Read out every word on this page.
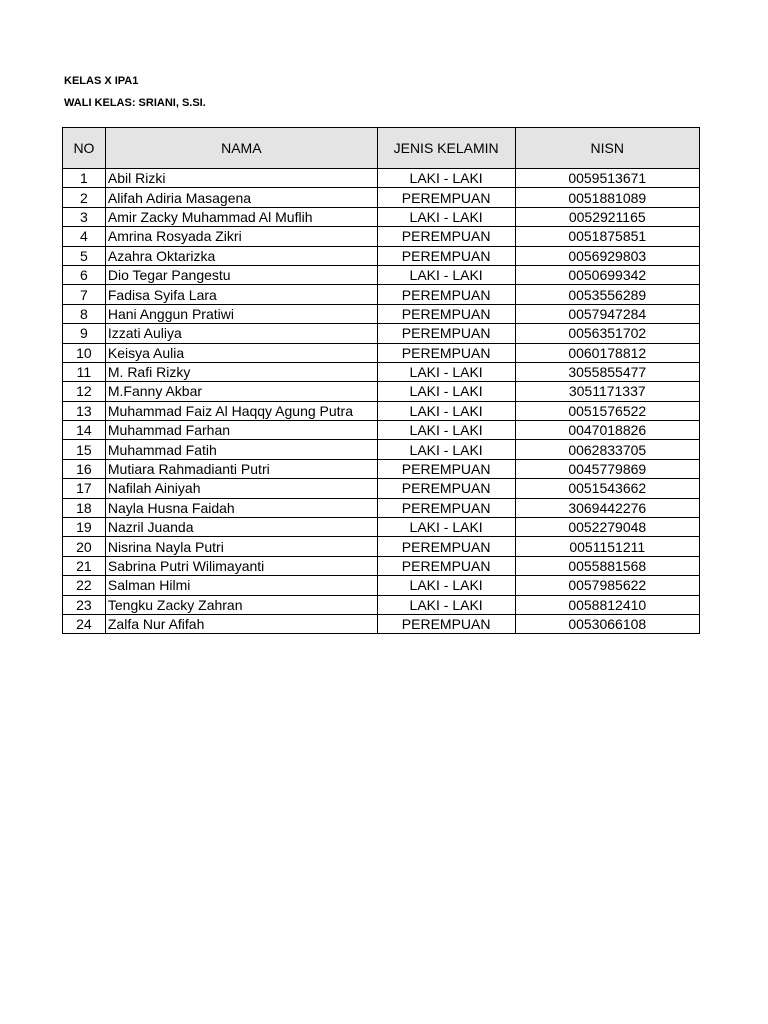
KELAS X IPA1
WALI KELAS: SRIANI, S.SI.
NO	NAMA	JENIS KELAMIN	NISN
1	Abil Rizki	LAKI - LAKI	0059513671
2	Alifah Adiria Masagena	PEREMPUAN	0051881089
3	Amir Zacky Muhammad Al Muflih	LAKI - LAKI	0052921165
4	Amrina Rosyada Zikri	PEREMPUAN	0051875851
5	Azahra Oktarizka	PEREMPUAN	0056929803
6	Dio Tegar Pangestu	LAKI - LAKI	0050699342
7	Fadisa Syifa Lara	PEREMPUAN	0053556289
8	Hani Anggun Pratiwi	PEREMPUAN	0057947284
9	Izzati Auliya	PEREMPUAN	0056351702
10	Keisya Aulia	PEREMPUAN	0060178812
11	M. Rafi Rizky	LAKI - LAKI	3055855477
12	M.Fanny Akbar	LAKI - LAKI	3051171337
13	Muhammad Faiz Al Haqqy Agung Putra	LAKI - LAKI	0051576522
14	Muhammad Farhan	LAKI - LAKI	0047018826
15	Muhammad Fatih	LAKI - LAKI	0062833705
16	Mutiara Rahmadianti Putri	PEREMPUAN	0045779869
17	Nafilah Ainiyah	PEREMPUAN	0051543662
18	Nayla Husna Faidah	PEREMPUAN	3069442276
19	Nazril Juanda	LAKI - LAKI	0052279048
20	Nisrina Nayla Putri	PEREMPUAN	0051151211
21	Sabrina Putri Wilimayanti	PEREMPUAN	0055881568
22	Salman Hilmi	LAKI - LAKI	0057985622
23	Tengku Zacky Zahran	LAKI - LAKI	0058812410
24	Zalfa Nur Afifah	PEREMPUAN	0053066108
